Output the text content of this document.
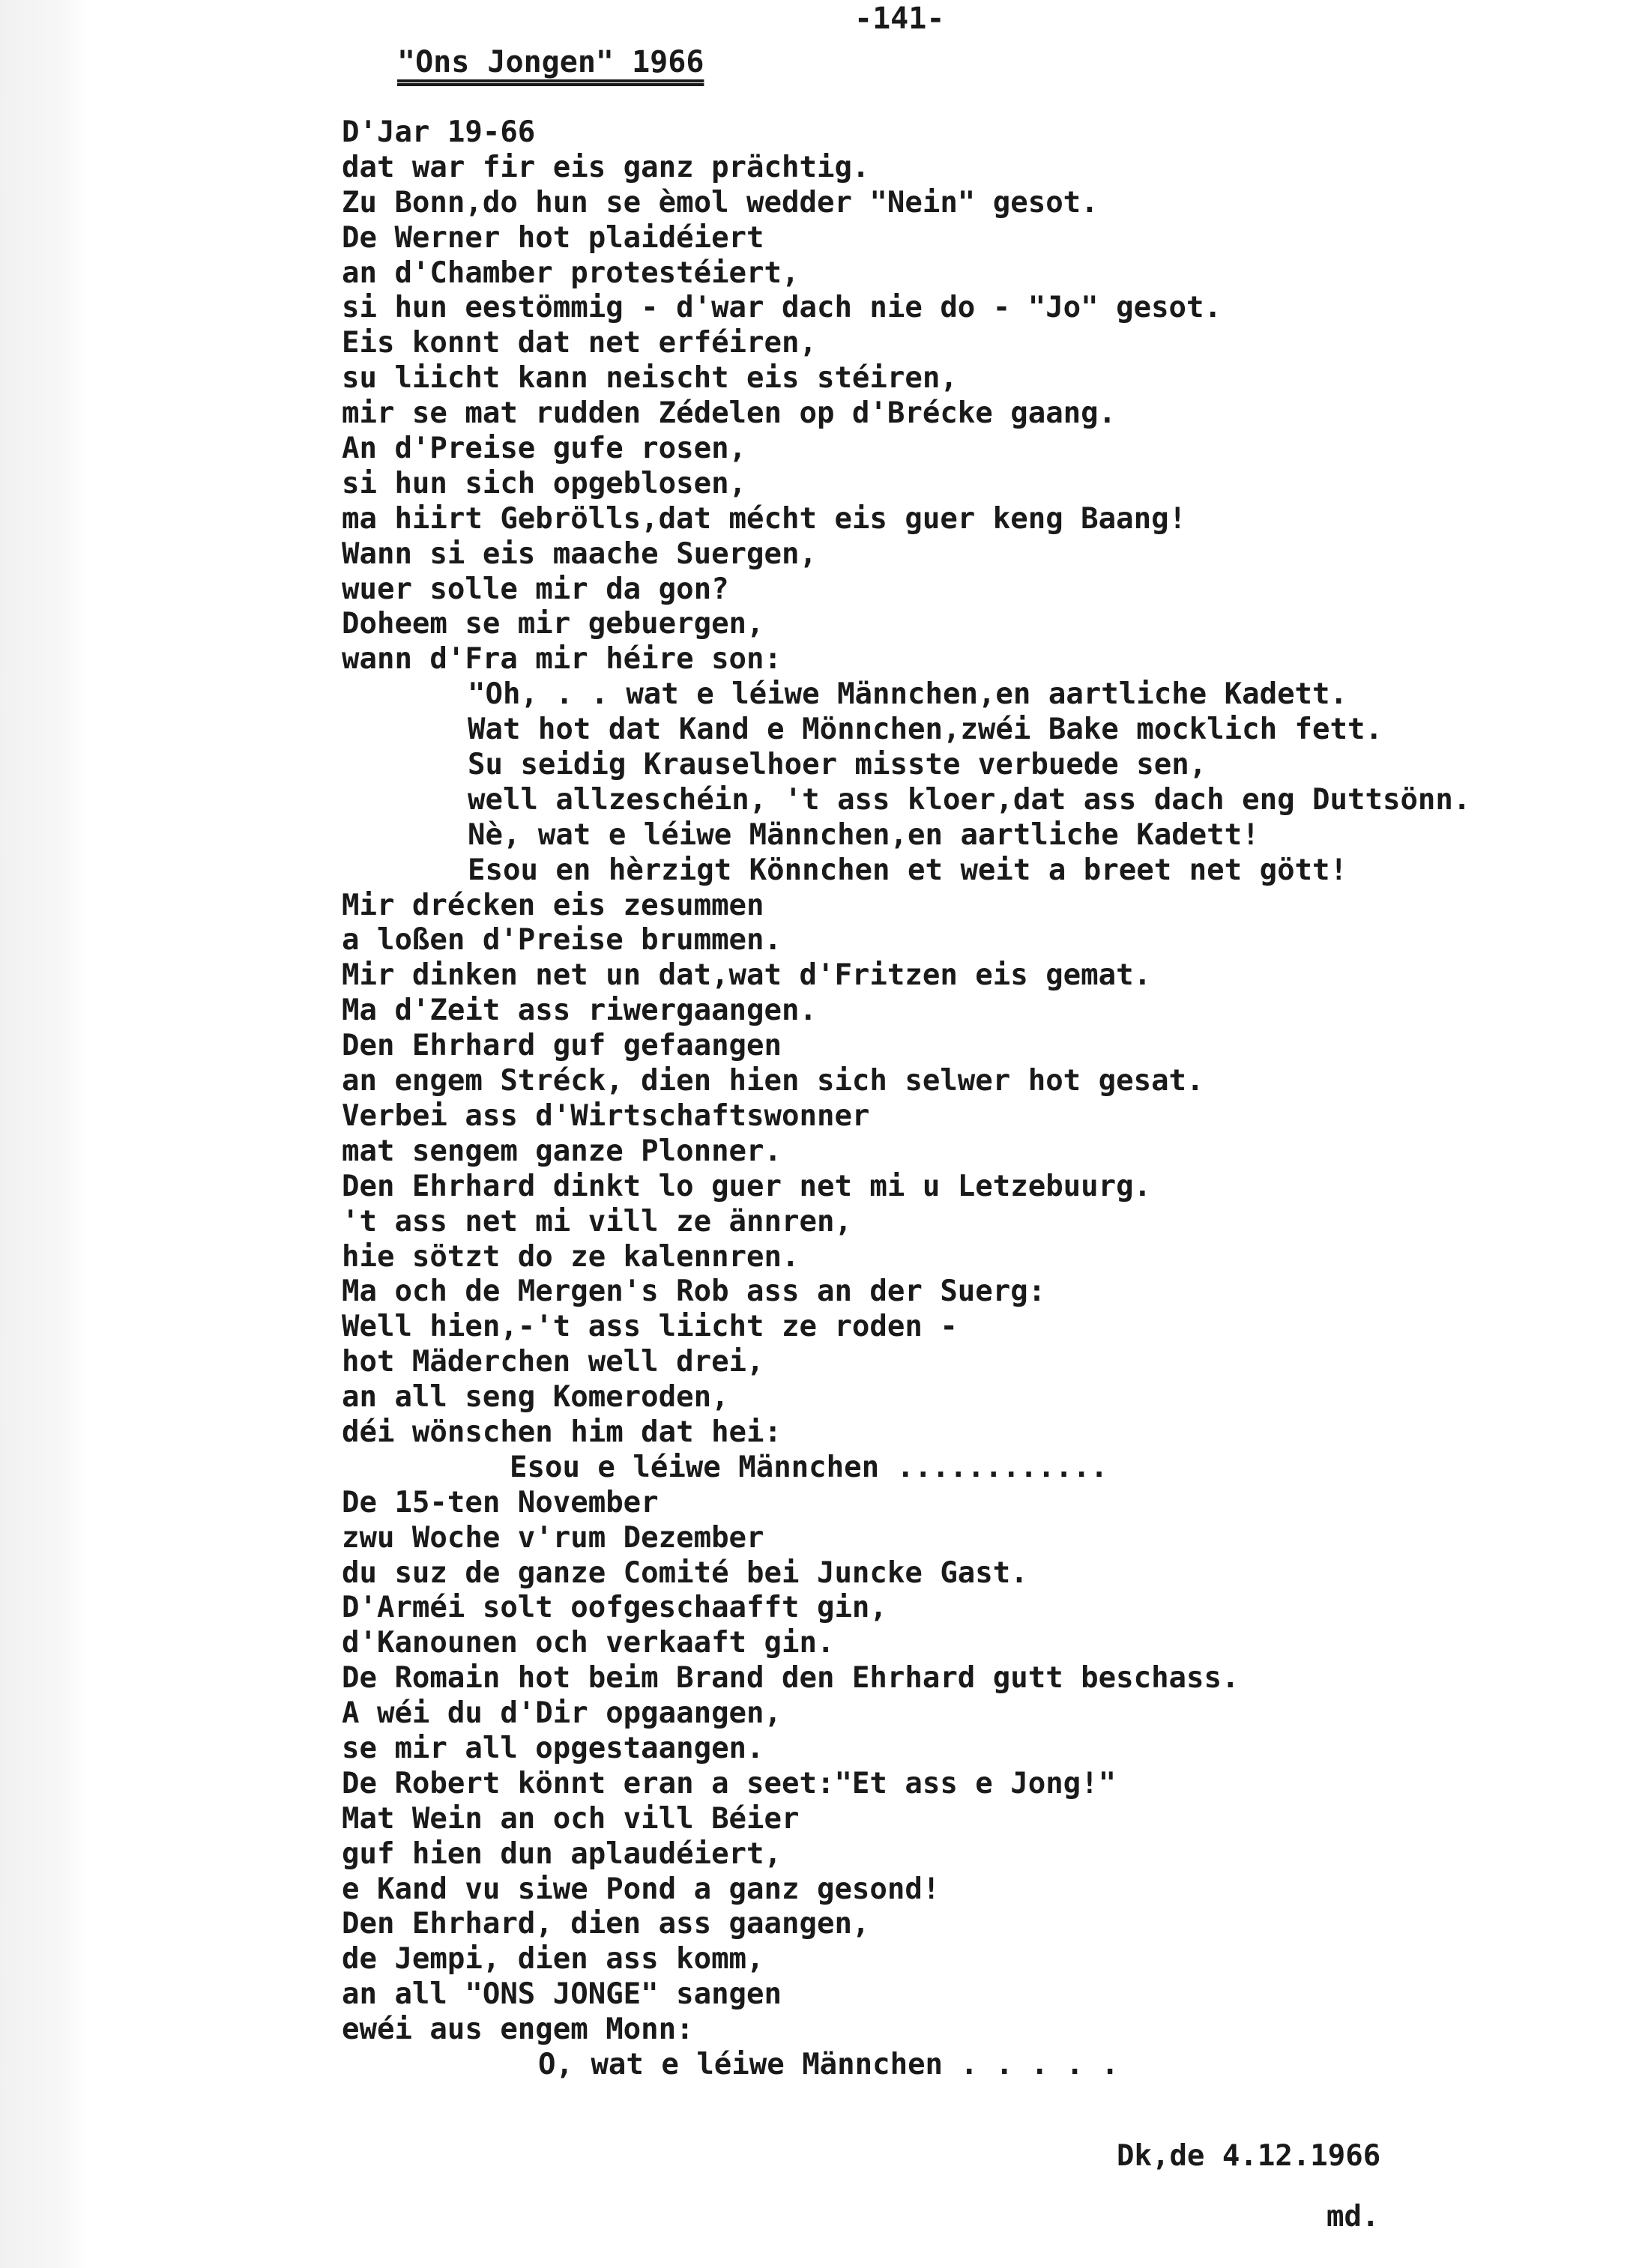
-141-
"Ons Jongen" 1966
D'Jar 19-66
dat war fir eis ganz prächtig.
Zu Bonn,do hun se èmol wedder "Nein" gesot.
De Werner hot plaidéiert
an d'Chamber protestéiert,
si hun eestömmig - d'war dach nie do - "Jo" gesot.
Eis konnt dat net erféiren,
su liicht kann neischt eis stéiren,
mir se mat rudden Zédelen op d'Brécke gaang.
An d'Preise gufe rosen,
si hun sich opgeblosen,
ma hiirt Gebrölls,dat mécht eis guer keng Baang!
Wann si eis maache Suergen,
wuer solle mir da gon?
Doheem se mir gebuergen,
wann d'Fra mir héire son:
"Oh, . . wat e léiwe Männchen,en aartliche Kadett.
Wat hot dat Kand e Mönnchen,zwéi Bake mocklich fett.
Su seidig Krauselhoer misste verbuede sen,
well allzeschéin, 't ass kloer,dat ass dach eng Duttsönn.
Nè, wat e léiwe Männchen,en aartliche Kadett!
Esou en hèrzigt Könnchen et weit a breet net gött!
Mir drécken eis zesummen
a loßen d'Preise brummen.
Mir dinken net un dat,wat d'Fritzen eis gemat.
Ma d'Zeit ass riwergaangen.
Den Ehrhard guf gefaangen
an engem Stréck, dien hien sich selwer hot gesat.
Verbei ass d'Wirtschaftswonner
mat sengem ganze Plonner.
Den Ehrhard dinkt lo guer net mi u Letzebuurg.
't ass net mi vill ze ännren,
hie sötzt do ze kalennren.
Ma och de Mergen's Rob ass an der Suerg:
Well hien,-'t ass liicht ze roden -
hot Mäderchen well drei,
an all seng Komeroden,
déi wönschen him dat hei:
Esou e léiwe Männchen ............
De 15-ten November
zwu Woche v'rum Dezember
du suz de ganze Comité bei Juncke Gast.
D'Arméi solt oofgeschaafft gin,
d'Kanounen och verkaaft gin.
De Romain hot beim Brand den Ehrhard gutt beschass.
A wéi du d'Dir opgaangen,
se mir all opgestaangen.
De Robert könnt eran a seet:"Et ass e Jong!"
Mat Wein an och vill Béier
guf hien dun aplaudéiert,
e Kand vu siwe Pond a ganz gesond!
Den Ehrhard, dien ass gaangen,
de Jempi, dien ass komm,
an all "ONS JONGE" sangen
ewéi aus engem Monn:
O, wat e léiwe Männchen . . . . .
Dk,de 4.12.1966
md.
